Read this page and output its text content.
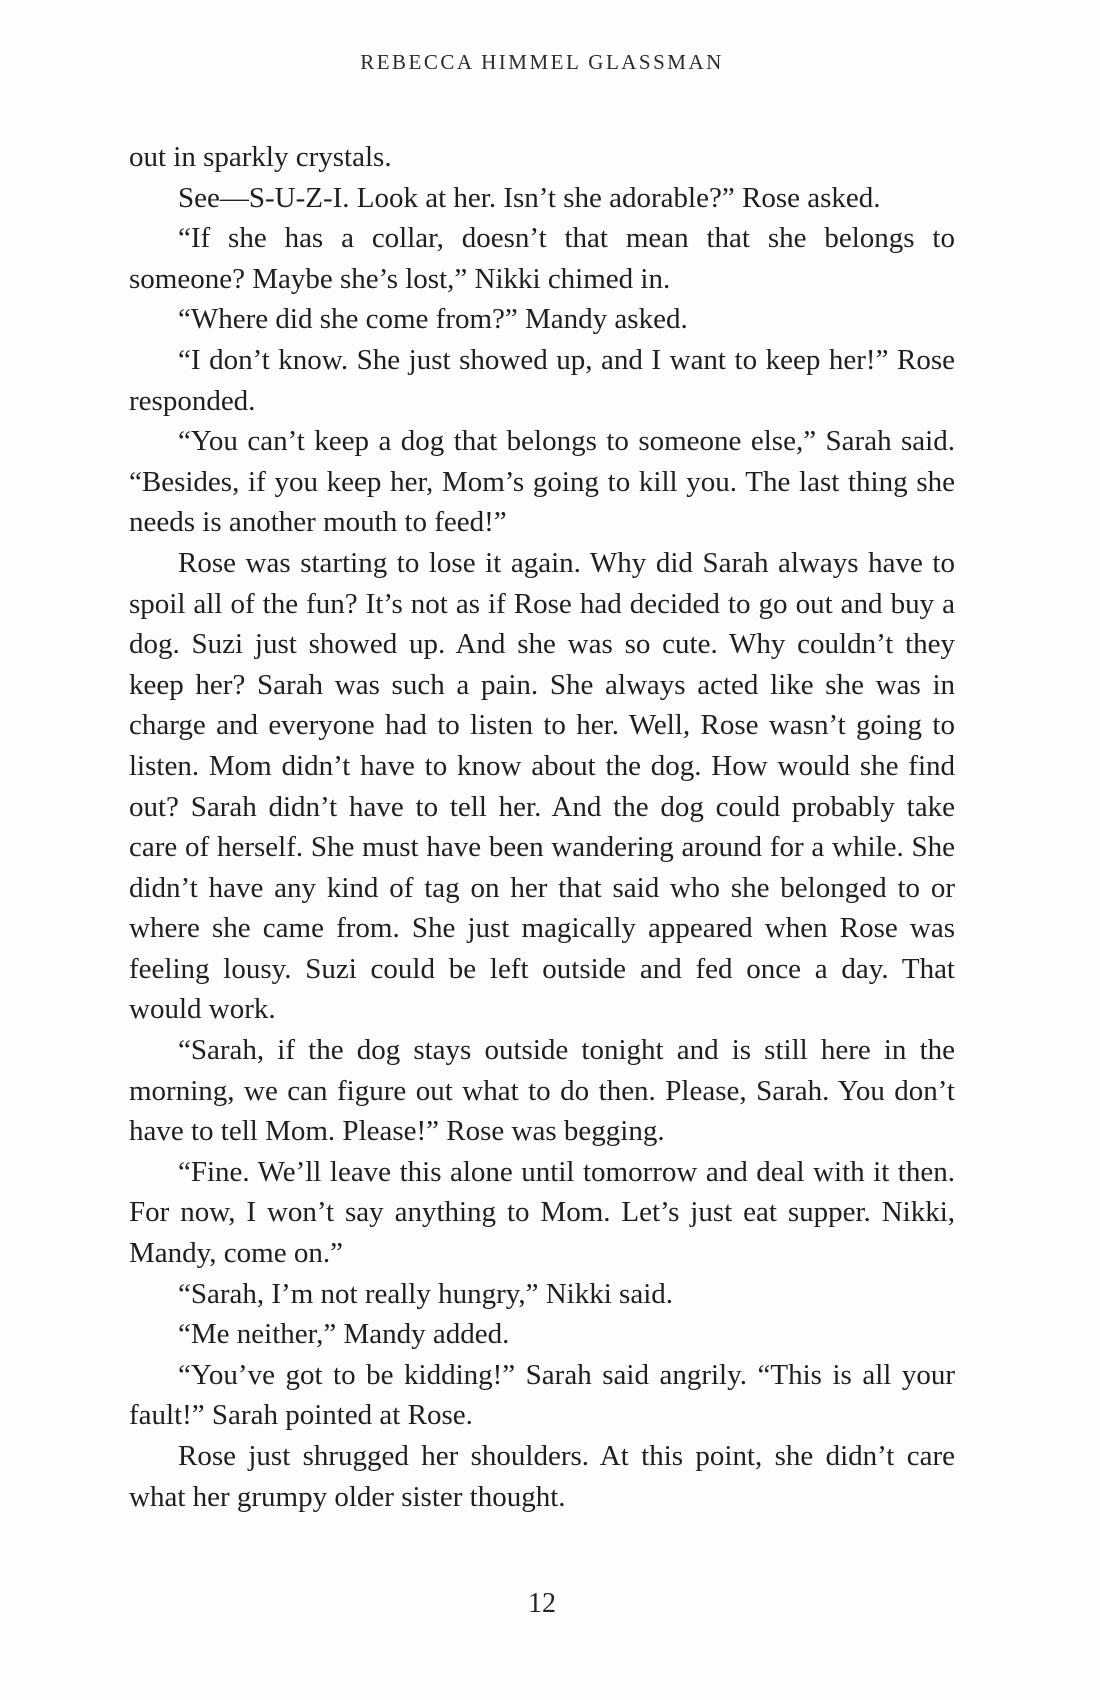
REBECCA HIMMEL GLASSMAN

out in sparkly crystals.

See—S-U-Z-I. Look at her. Isn’t she adorable?” Rose asked.

“If she has a collar, doesn’t that mean that she belongs to someone? Maybe she’s lost,” Nikki chimed in.

“Where did she come from?” Mandy asked.

“I don’t know. She just showed up, and I want to keep her!” Rose responded.

“You can’t keep a dog that belongs to someone else,” Sarah said. “Besides, if you keep her, Mom’s going to kill you. The last thing she needs is another mouth to feed!”

Rose was starting to lose it again. Why did Sarah always have to spoil all of the fun? It’s not as if Rose had decided to go out and buy a dog. Suzi just showed up. And she was so cute. Why couldn’t they keep her? Sarah was such a pain. She always acted like she was in charge and everyone had to listen to her. Well, Rose wasn’t going to listen. Mom didn’t have to know about the dog. How would she find out? Sarah didn’t have to tell her. And the dog could probably take care of herself. She must have been wandering around for a while. She didn’t have any kind of tag on her that said who she belonged to or where she came from. She just magically appeared when Rose was feeling lousy. Suzi could be left outside and fed once a day. That would work.

“Sarah, if the dog stays outside tonight and is still here in the morning, we can figure out what to do then. Please, Sarah. You don’t have to tell Mom. Please!” Rose was begging.

“Fine. We’ll leave this alone until tomorrow and deal with it then. For now, I won’t say anything to Mom. Let’s just eat supper. Nikki, Mandy, come on.”

“Sarah, I’m not really hungry,” Nikki said.

“Me neither,” Mandy added.

“You’ve got to be kidding!” Sarah said angrily. “This is all your fault!” Sarah pointed at Rose.

Rose just shrugged her shoulders. At this point, she didn’t care what her grumpy older sister thought.

12
